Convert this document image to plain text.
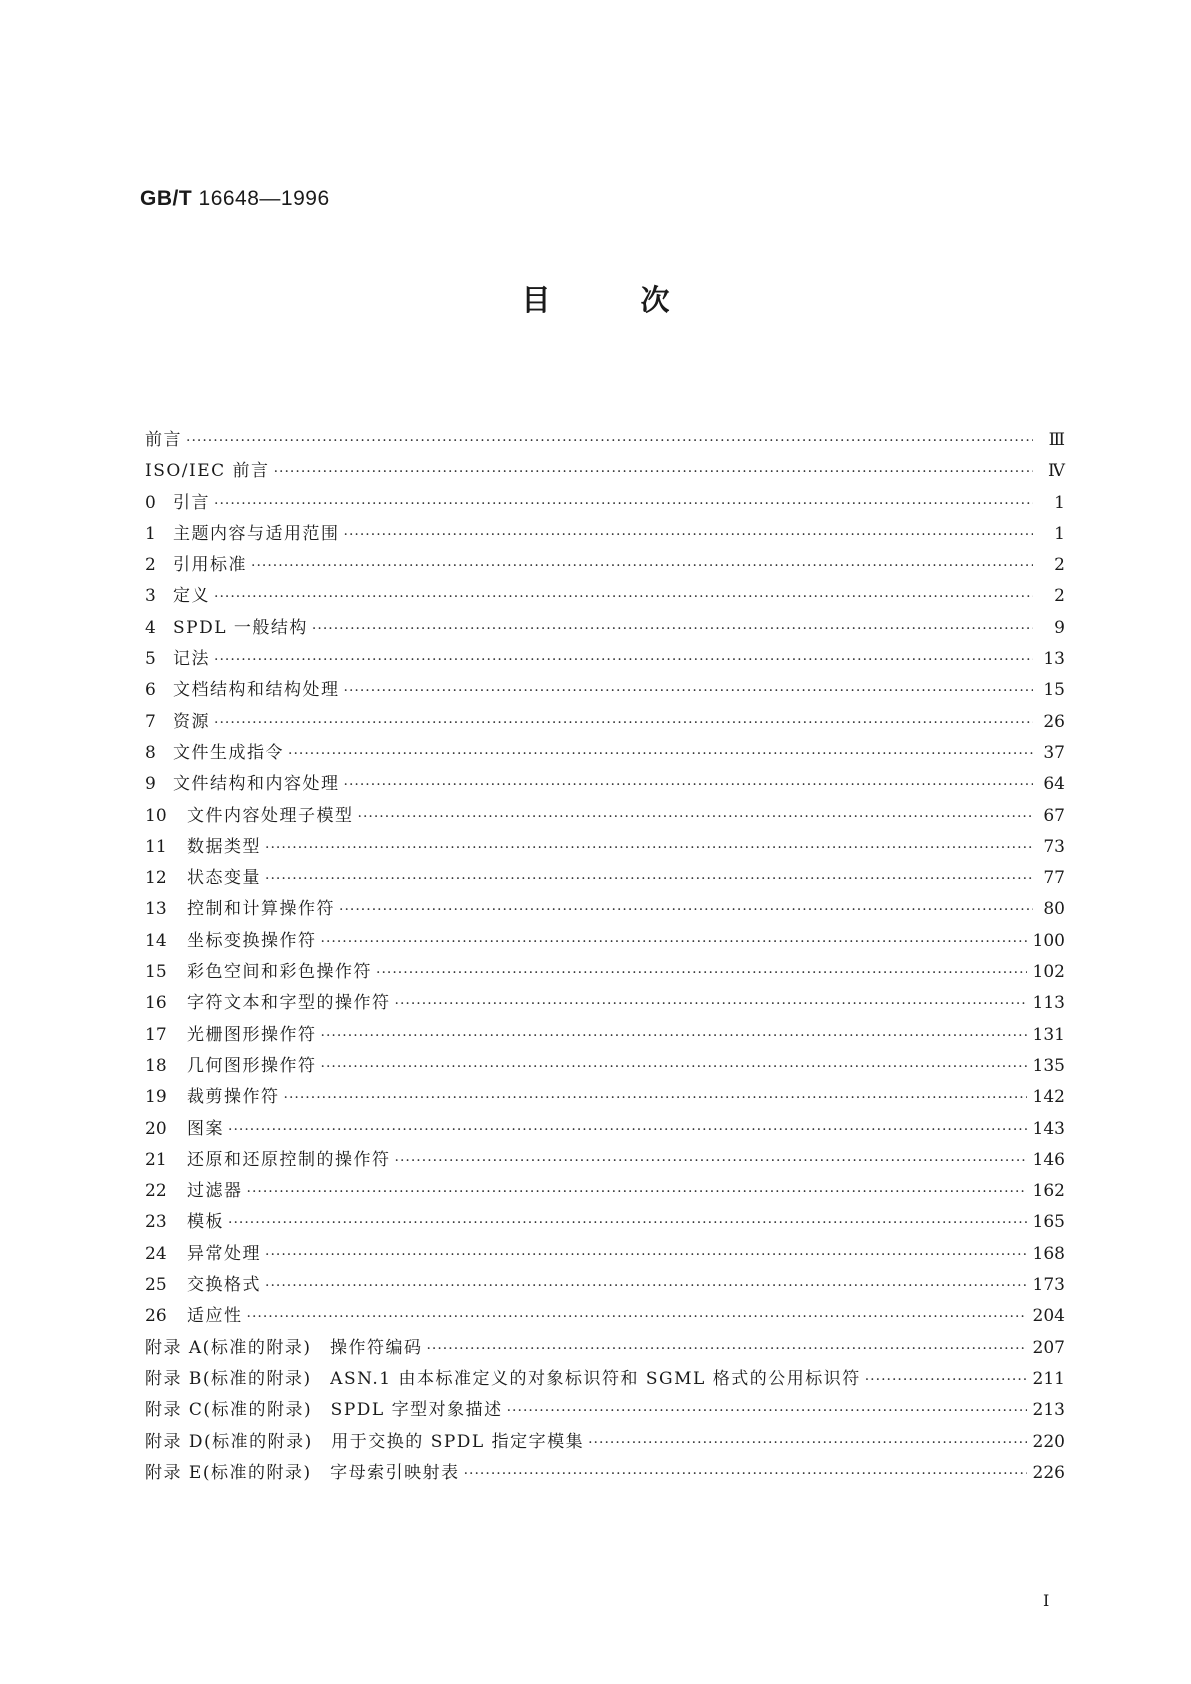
GB/T 16648—1996
目	次
前言 ·····	Ⅲ
ISO/IEC 前言 ·····	Ⅳ
0	引言 ·····	1
1	主题内容与适用范围 ·····	1
2	引用标准 ·····	2
3	定义 ·····	2
4	SPDL 一般结构 ·····	9
5	记法 ·····	13
6	文档结构和结构处理 ·····	15
7	资源 ·····	26
8	文件生成指令 ·····	37
9	文件结构和内容处理 ·····	64
10	文件内容处理子模型 ·····	67
11	数据类型 ·····	73
12	状态变量 ·····	77
13	控制和计算操作符 ·····	80
14	坐标变换操作符 ·····	100
15	彩色空间和彩色操作符 ·····	102
16	字符文本和字型的操作符 ·····	113
17	光栅图形操作符 ·····	131
18	几何图形操作符 ·····	135
19	裁剪操作符 ·····	142
20	图案 ·····	143
21	还原和还原控制的操作符 ·····	146
22	过滤器 ·····	162
23	模板 ·····	165
24	异常处理 ·····	168
25	交换格式 ·····	173
26	适应性 ·····	204
附录 A(标准的附录)　操作符编码 ·····	207
附录 B(标准的附录)　ASN.1 由本标准定义的对象标识符和 SGML 格式的公用标识符 ·····	211
附录 C(标准的附录)　SPDL 字型对象描述 ·····	213
附录 D(标准的附录)　用于交换的 SPDL 指定字模集 ·····	220
附录 E(标准的附录)　字母索引映射表 ·····	226
I
